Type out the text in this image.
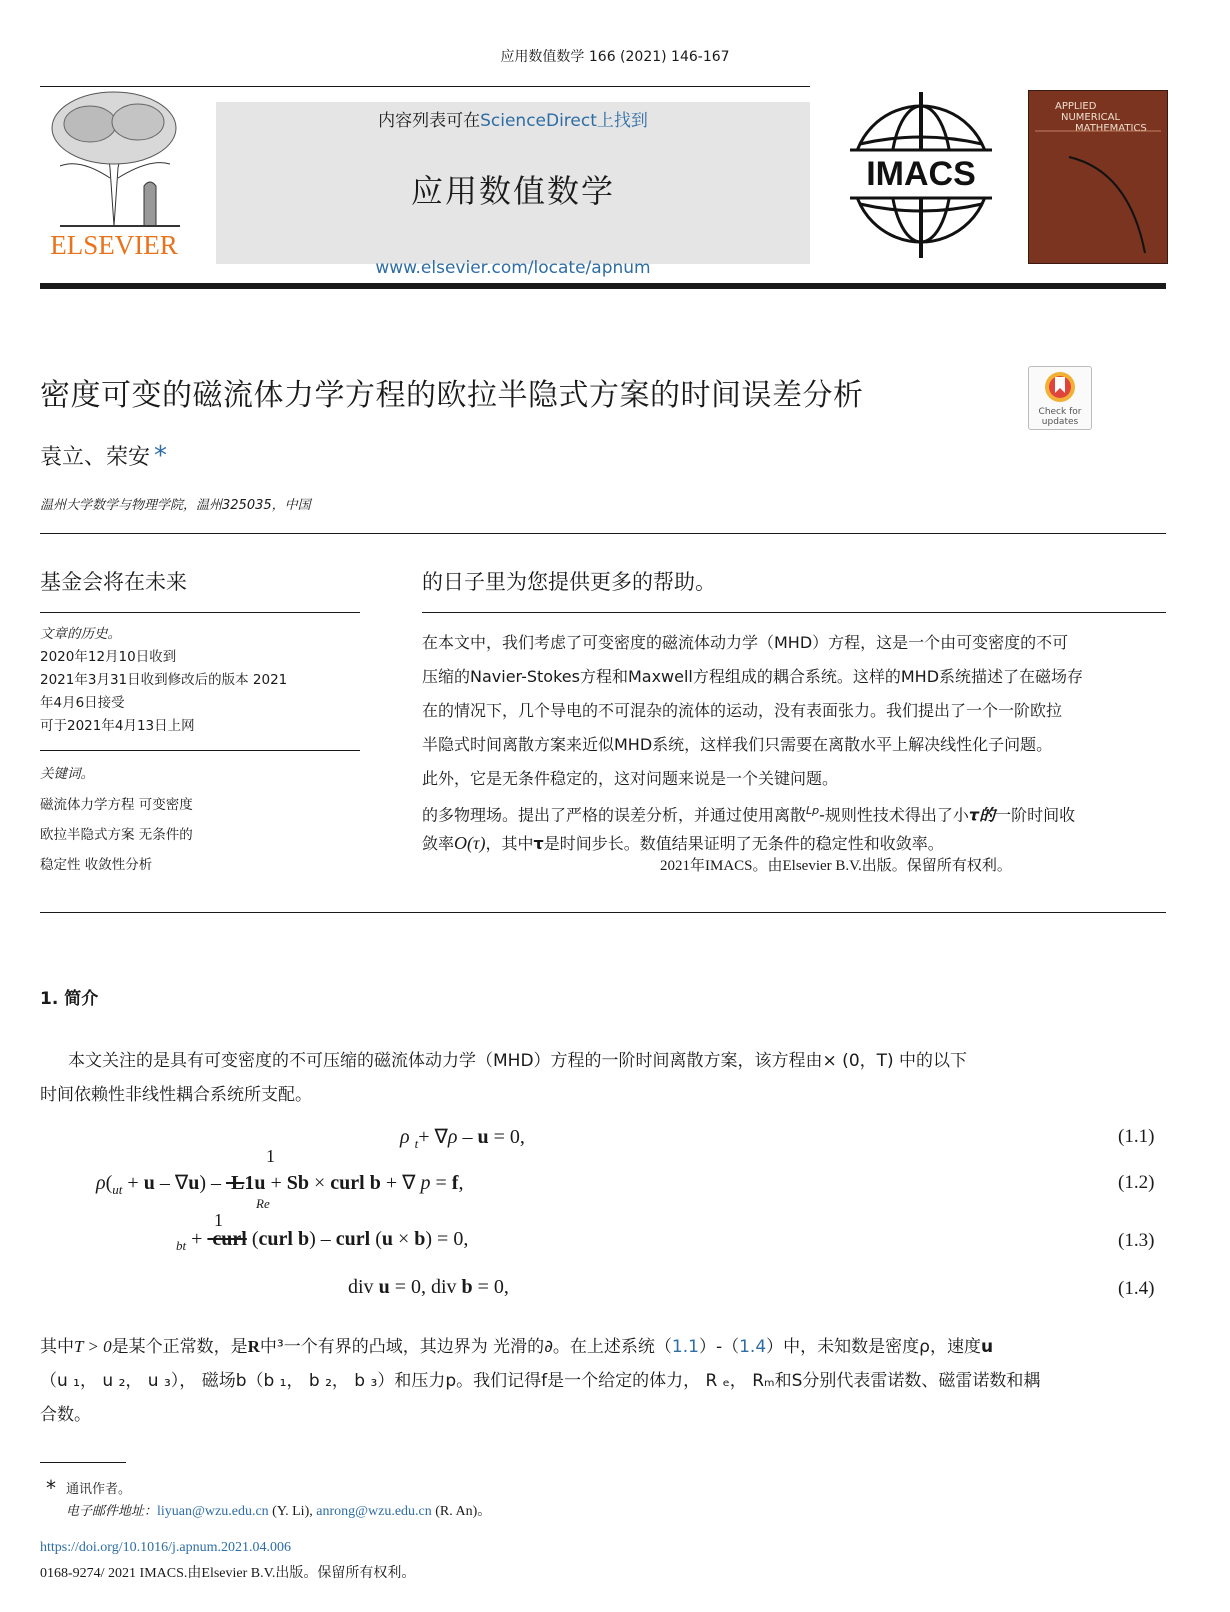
应用数值数学 166 (2021) 146-167
ELSEVIER
内容列表可在ScienceDirect上找到
应用数值数学
www.elsevier.com/locate/apnum
IMACS
APPLIED
NUMERICAL
MATHEMATICS
Check for
updates
密度可变的磁流体力学方程的欧拉半隐式方案的时间误差分析
袁立、荣安 *
温州大学数学与物理学院，温州325035，中国
基金会将在未来
文章的历史。
2020年12月10日收到
2021年3月31日收到修改后的版本 2021
年4月6日接受
可于2021年4月13日上网
关键词。
磁流体力学方程 可变密度
欧拉半隐式方案 无条件的
稳定性 收敛性分析
的日子里为您提供更多的帮助。
在本文中，我们考虑了可变密度的磁流体动力学（MHD）方程，这是一个由可变密度的不可
压缩的Navier-Stokes方程和Maxwell方程组成的耦合系统。这样的MHD系统描述了在磁场存
在的情况下，几个导电的不可混杂的流体的运动，没有表面张力。我们提出了一个一阶欧拉
半隐式时间离散方案来近似MHD系统，这样我们只需要在离散水平上解决线性化子问题。
此外，它是无条件稳定的，这对问题来说是一个关键问题。
的多物理场。提出了严格的误差分析，并通过使用离散$^{Lp}$-规则性技术得出了小τ的一阶时间收
敛率O(τ)，其中τ是时间步长。数值结果证明了无条件的稳定性和收敛率。
2021年IMACS。由Elsevier B.V.出版。保留所有权利。
1. 简介
本文关注的是具有可变密度的不可压缩的磁流体动力学（MHD）方程的一阶时间离散方案，该方程由× (0，T) 中的以下
时间依赖性非线性耦合系统所支配。
ρ $_t$+ ∇ρ – u = 0,	(1.1)
1
$\rho(_{ut} + u - \nabla u) - L1u + Sb$ × curl b + ∇ p = f,
Re
(1.2)
1
$_{bt}$ +  curl (curl b) – curl (u × b) = 0,	(1.3)
div u = 0, div b = 0,	(1.4)
其中T > 0是某个正常数，是R中³一个有界的凸域，其边界为 光滑的∂。在上述系统（1.1）-（1.4）中，未知数是密度ρ，速度u
（u ₁， u ₂， u ₃）， 磁场b（b ₁， b ₂， b ₃）和压力p。我们记得f是一个给定的体力， R ₑ， Rₘ和S分别代表雷诺数、磁雷诺数和耦
合数。
* 通讯作者。
电子邮件地址：liyuan@wzu.edu.cn (Y. Li), anrong@wzu.edu.cn (R. An)。
https://doi.org/10.1016/j.apnum.2021.04.006
0168-9274/ 2021 IMACS.由Elsevier B.V.出版。保留所有权利。
